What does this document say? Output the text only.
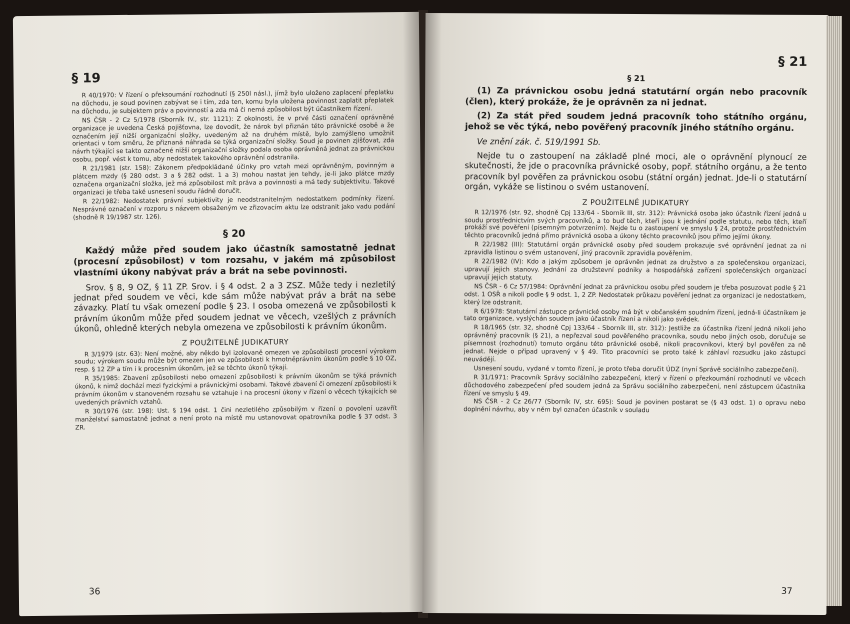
§ 19

R 40/1970: V řízení o překsoumání rozhodnutí (§ 250l násl.), jímž bylo uloženo zaplacení přeplatku na důchodu, je soud povinen zabývat se i tím, zda ten, komu byla uložena povinnost zaplatit přeplatek na důchodu, je subjektem práv a povinností a zda má či nemá způsobilost být účastníkem řízení.

NS ČSR - 2 Cz 5/1978 (Sborník IV., str. 1121): Z okolnosti, že v prvé části označení oprávněné organizace je uvedena Česká pojišťovna, lze dovodit, že nárok byl přiznán této právnické osobě a že označením její nižší organizační složky, uvedeným až na druhém místě, bylo zamýšleno umožnit orientaci v tom směru, že přiznaná náhrada se týká organizační složky. Soud je povinen zjišťovat, zda návrh týkající se takto označené nižší organizační složky podala osoba oprávněná jednat za právnickou osobu, popř. vést k tomu, aby nedostatek takového oprávnění odstranila.

R 21/1981 (str. 158): Zákonem předpokládané účinky pro vztah mezi oprávněným, povinným a plátcem mzdy (§ 280 odst. 3 a § 282 odst. 1 a 3) mohou nastat jen tehdy, je-li jako plátce mzdy označena organizační složka, jež má způsobilost mít práva a povinnosti a má tedy subjektivitu. Takové organizaci je třeba také usnesení soudu řádně doručit.

R 22/1982: Nedostatek právní subjektivity je neodstranitelným nedostatkem podmínky řízení. Nesprávné označení v rozporu s názvem obsaženým ve zřizovacím aktu lze odstranit jako vadu podání (shodně R 19/1987 str. 126).

§ 20

Každý může před soudem jako účastník samostatně jednat (procesní způsobilost) v tom rozsahu, v jakém má způsobilost vlastními úkony nabývat práv a brát na sebe povinnosti.

Srov. § 8, 9 OZ, § 11 ZP. Srov. i § 4 odst. 2 a 3 ZSZ. Může tedy i nezletilý jednat před soudem ve věci, kde sám může nabývat práv a brát na sebe závazky. Platí tu však omezení podle § 23. I osoba omezená ve způsobilosti k právním úkonům může před soudem jednat ve věcech, vzešlých z právních úkonů, ohledně kterých nebyla omezena ve způsobilosti k právním úkonům.

Z POUŽITELNÉ JUDIKATURY

R 3/1979 (str. 63): Není možné, aby někdo byl izolovaně omezen ve způsobilosti procesní výrokem soudu; výrokem soudu může být omezen jen ve způsobilosti k hmotněprávním úkonům podle § 10 OZ, resp. § 12 ZP a tím i k procesním úkonům, jež se těchto úkonů týkají.

R 35/1985: Zbavení způsobilosti nebo omezení způsobilosti k právním úkonům se týká právních úkonů, k nimž dochází mezi fyzickými a právnickými osobami. Takové zbavení či omezení způsobilosti k právním úkonům v stanoveném rozsahu se vztahuje i na procesní úkony v řízení o věcech týkajících se uvedených právních vztahů.

R 30/1976 (str. 198): Ust. § 194 odst. 1 čini nezletilého způsobilým v řízení o povolení uzavřít manželství samostatně jednat a není proto na místě mu ustanovovat opatrovníka podle § 37 odst. 3 ZR.

36
§ 21
§ 21

(1) Za právnickou osobu jedná statutární orgán nebo pracovník (člen), který prokáže, že je oprávněn za ni jednat.

(2) Za stát před soudem jedná pracovník toho státního orgánu, jehož se věc týká, nebo pověřený pracovník jiného státního orgánu.

Ve znění zák. č. 519/1991 Sb.

Nejde tu o zastoupení na základě plné moci, ale o oprávnění plynoucí ze skutečnosti, že jde o pracovníka právnické osoby, popř. státního orgánu, a že tento pracovník byl pověřen za právnickou osobu (státní orgán) jednat. Jde-li o statutární orgán, vykáže se listinou o svém ustanovení.

Z POUŽITELNÉ JUDIKATURY

R 12/1976 (str. 92, shodně Cpj 133/64 - Sborník III, str. 312): Právnická osoba jako účastník řízení jedná u soudu prostřednictvím svých pracovníků, a to buď těch, kteří jsou k jednání podle statutu, nebo těch, kteří prokáží své pověření (písemným potvrzením). Nejde tu o zastoupení ve smyslu § 24, protože prostřednictvím těchto pracovníků jedná přímo právnická osoba a úkony těchto pracovníků jsou přímo jejími úkony.

R 22/1982 (III): Statutární orgán právnické osoby před soudem prokazuje své oprávnění jednat za ni zpravidla listinou o svém ustanovení, jiný pracovník zpravidla pověřením.

R 22/1982 (IV): Kdo a jakým způsobem je oprávněn jednat za družstvo a za společenskou organizaci, upravují jejich stanovy. Jednání za družstevní podniky a hospodářská zařízení společenských organizací upravují jejich statuty.

NS ČSR - 6 Cz 57/1984: Oprávnění jednat za právnickou osobu před soudem je třeba posuzovat podle § 21 odst. 1 OSŘ a nikoli podle § 9 odst. 1, 2 ZP. Nedostatek průkazu pověření jednat za organizaci je nedostatkem, který lze odstranit.

R 6/1978: Statutární zástupce právnické osoby má být v občanském soudním řízení, jedná-li účastníkem je tato organizace, vyslýchán soudem jako účastník řízení a nikoli jako svědek.

R 18/1965 (str. 32, shodně Cpj 133/64 - Sborník III, str. 312): Jestliže za účastníka řízení jedná nikoli jeho oprávněný pracovník (§ 21), a nepřezval soud pověřeného pracovníka, soudu nebo jiných osob, doručuje se písemnost (rozhodnutí) tomuto orgánu této právnické osobě, nikoli pracovníkovi, který byl pověřen za ně jednat. Nejde o případ upravený v § 49. Tito pracovníci se proto také k záhlaví rozsudku jako zástupci neuvádějí.

Usnesení soudu, vydané v tomto řízení, je proto třeba doručit ÚDZ (nyní Správě sociálního zabezpečení).

R 31/1971: Pracovník Správy sociálního zabezpečení, který v řízení o přezkoumání rozhodnutí ve věcech důchodového zabezpečení před soudem jedná za Správu sociálního zabezpečení, není zástupcem účastníka řízení ve smyslu § 49.

NS ČSR - 2 Cz 26/77 (Sborník IV, str. 695): Soud je povinen postarat se (§ 43 odst. 1) o opravu nebo doplnění návrhu, aby v něm byl označen účastník v souladu

37
